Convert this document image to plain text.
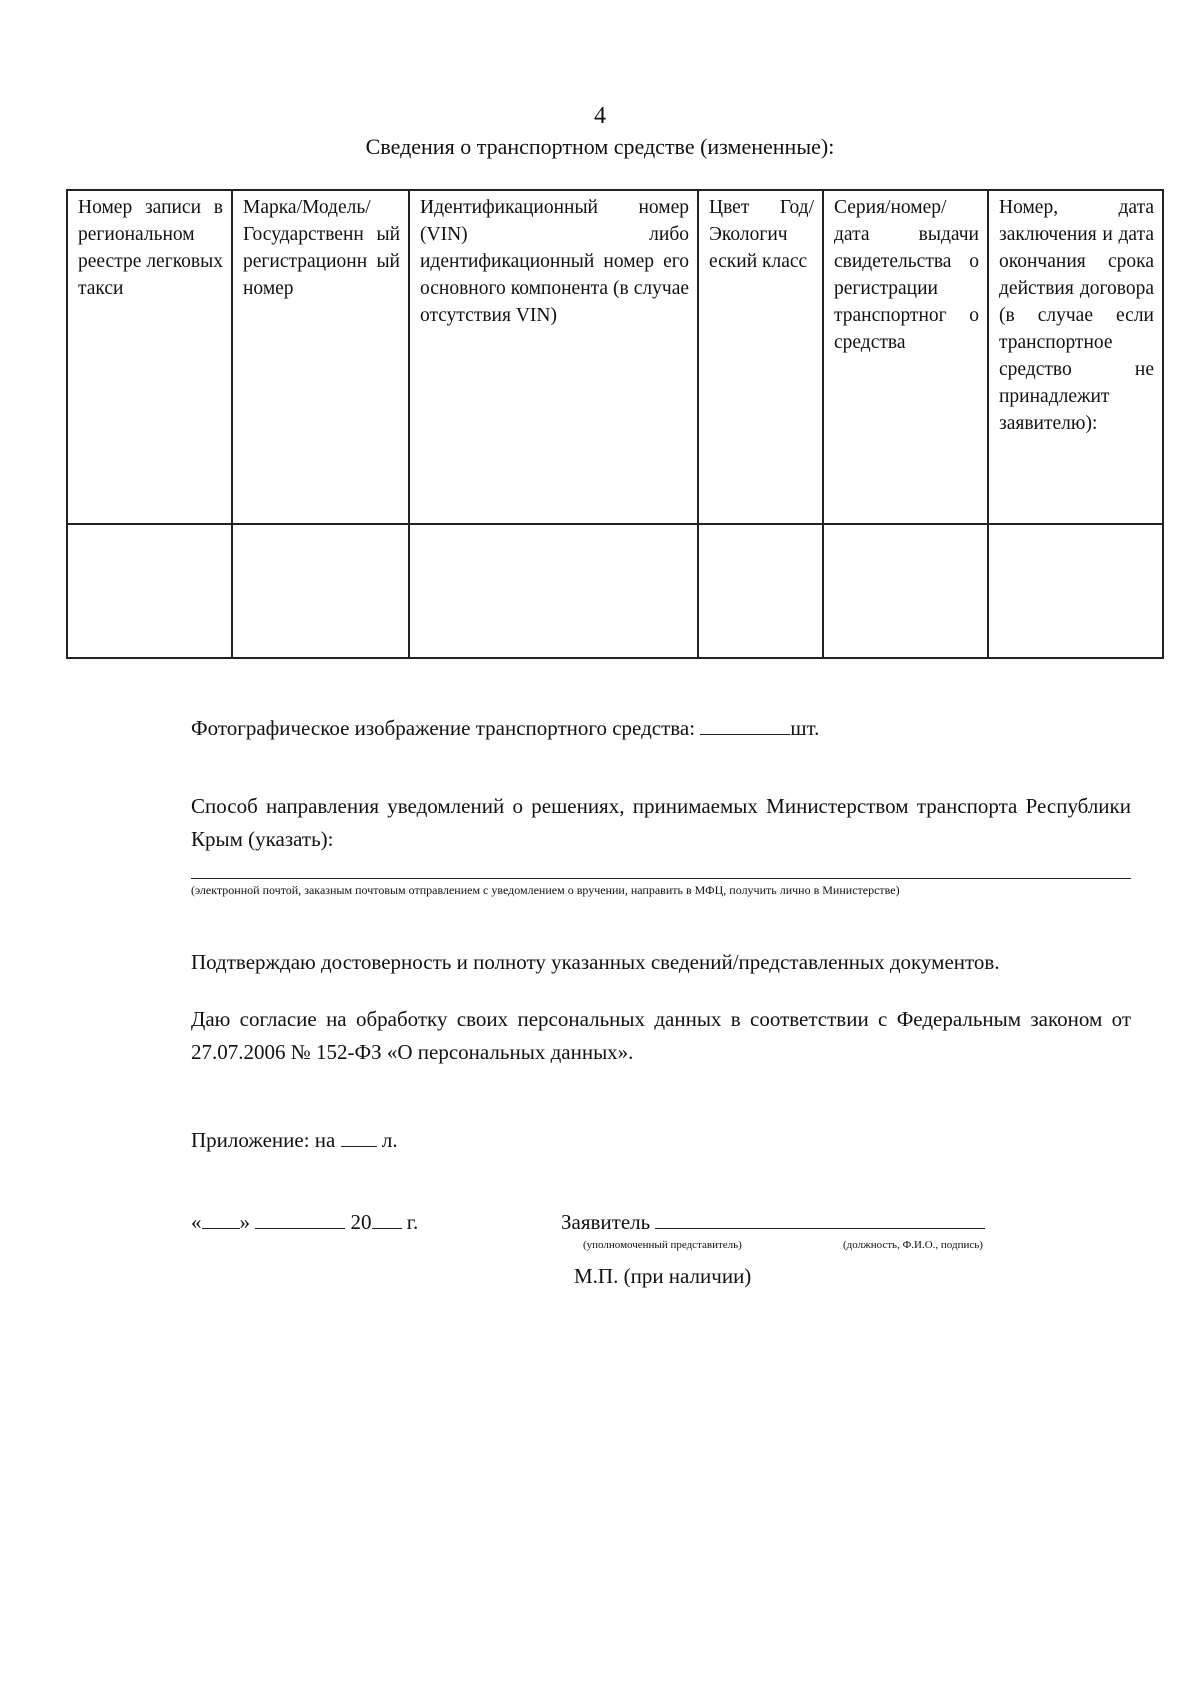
4
Сведения о транспортном средстве (измененные):
Номер записи в региональном реестре легковых такси	Марка/Модель/ Государственн ый регистрационн ый номер	Идентификационный номер (VIN) либо идентификационный номер его основного компонента (в случае отсутствия VIN)	Цвет Год/ Экологич еский класс	Серия/номер/ дата выдачи свидетельства о регистрации транспортног о средства	Номер, дата заключения и дата окончания срока действия договора (в случае если транспортное средство не принадлежит заявителю):

Фотографическое изображение транспортного средства:	шт.
Способ направления уведомлений о решениях, принимаемых Министерством транспорта Республики Крым (указать):
(электронной почтой, заказным почтовым отправлением с уведомлением о вручении, направить в МФЦ, получить лично в Министерстве)
Подтверждаю достоверность и полноту указанных сведений/представленных документов.
Даю согласие на обработку своих персональных данных в соответствии с Федеральным законом от 27.07.2006 № 152-ФЗ «О персональных данных».
Приложение: на л.
« »	20 г.	Заявитель
(уполномоченный представитель)	(должность, Ф.И.О., подпись)
М.П. (при наличии)
